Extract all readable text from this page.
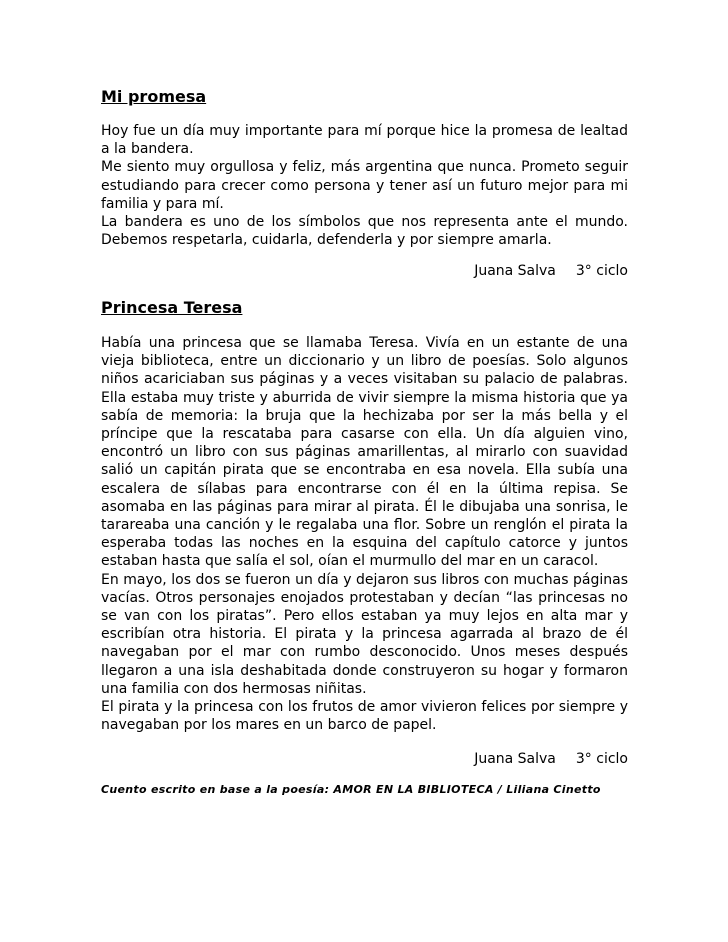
Mi promesa

Hoy fue un día muy importante para mí porque hice la promesa de lealtad a la bandera.

Me siento muy orgullosa y feliz, más argentina que nunca. Prometo seguir estudiando para crecer como persona y tener así un futuro mejor para mi familia y para mí.

La bandera es uno de los símbolos que nos representa ante el mundo. Debemos respetarla, cuidarla, defenderla y por siempre amarla.

Juana Salva 3° ciclo

Princesa Teresa

Había una princesa que se llamaba Teresa. Vivía en un estante de una vieja biblioteca, entre un diccionario y un libro de poesías. Solo algunos niños acariciaban sus páginas y a veces visitaban su palacio de palabras. Ella estaba muy triste y aburrida de vivir siempre la misma historia que ya sabía de memoria: la bruja que la hechizaba por ser la más bella y el príncipe que la rescataba para casarse con ella. Un día alguien vino, encontró un libro con sus páginas amarillentas, al mirarlo con suavidad salió un capitán pirata que se encontraba en esa novela. Ella subía una escalera de sílabas para encontrarse con él en la última repisa. Se asomaba en las páginas para mirar al pirata. Él le dibujaba una sonrisa, le tarareaba una canción y le regalaba una flor. Sobre un renglón el pirata la esperaba todas las noches en la esquina del capítulo catorce y juntos estaban hasta que salía el sol, oían el murmullo del mar en un caracol.

En mayo, los dos se fueron un día y dejaron sus libros con muchas páginas vacías. Otros personajes enojados protestaban y decían “las princesas no se van con los piratas”. Pero ellos estaban ya muy lejos en alta mar y escribían otra historia. El pirata y la princesa agarrada al brazo de él navegaban por el mar con rumbo desconocido. Unos meses después llegaron a una isla deshabitada donde construyeron su hogar y formaron una familia con dos hermosas niñitas.

El pirata y la princesa con los frutos de amor vivieron felices por siempre y navegaban por los mares en un barco de papel.

Juana Salva 3° ciclo

Cuento escrito en base a la poesía: AMOR EN LA BIBLIOTECA / Liliana Cinetto
